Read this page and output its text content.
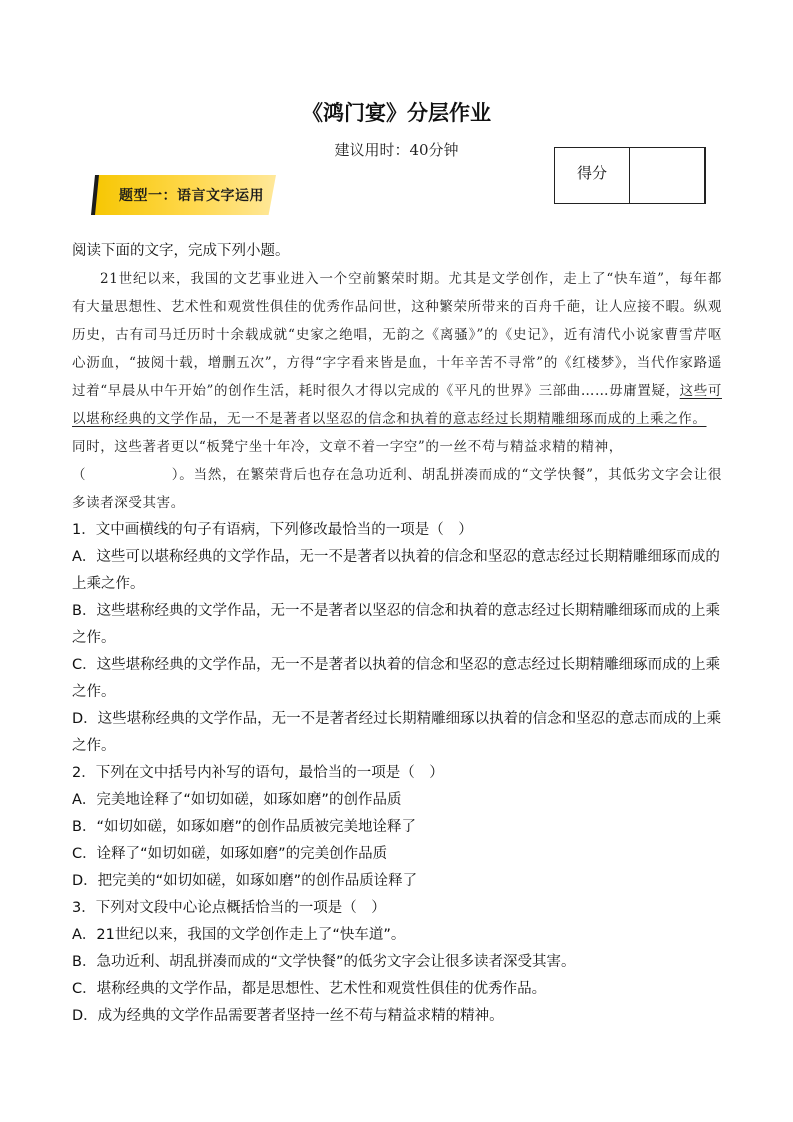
《鸿门宴》分层作业
建议用时：40分钟
得分
题型一：语言文字运用

阅读下面的文字，完成下列小题。

21世纪以来，我国的文艺事业进入一个空前繁荣时期。尤其是文学创作，走上了“快车道”，每年都有大量思想性、艺术性和观赏性俱佳的优秀作品问世，这种繁荣所带来的百舟千葩，让人应接不暇。纵观历史，古有司马迁历时十余载成就“史家之绝唱，无韵之《离骚》”的《史记》，近有清代小说家曹雪芹呕心沥血，“披阅十载，增删五次”，方得“字字看来皆是血，十年辛苦不寻常”的《红楼梦》，当代作家路遥过着“早晨从中午开始”的创作生活，耗时很久才得以完成的《平凡的世界》三部曲……毋庸置疑，这些可以堪称经典的文学作品，无一不是著者以坚忍的信念和执着的意志经过长期精雕细琢而成的上乘之作。

同时，这些著者更以“板凳宁坐十年冷，文章不着一字空”的一丝不苟与精益求精的精神，

（　　　　　　）。当然，在繁荣背后也存在急功近利、胡乱拼凑而成的“文学快餐”，其低劣文字会让很多读者深受其害。

1．文中画横线的句子有语病，下列修改最恰当的一项是（　）

A．这些可以堪称经典的文学作品，无一不是著者以执着的信念和坚忍的意志经过长期精雕细琢而成的上乘之作。

B．这些堪称经典的文学作品，无一不是著者以坚忍的信念和执着的意志经过长期精雕细琢而成的上乘之作。

C．这些堪称经典的文学作品，无一不是著者以执着的信念和坚忍的意志经过长期精雕细琢而成的上乘之作。

D．这些堪称经典的文学作品，无一不是著者经过长期精雕细琢以执着的信念和坚忍的意志而成的上乘之作。

2．下列在文中括号内补写的语句，最恰当的一项是（　）

A．完美地诠释了“如切如磋，如琢如磨”的创作品质

B．“如切如磋，如琢如磨”的创作品质被完美地诠释了

C．诠释了“如切如磋，如琢如磨”的完美创作品质

D．把完美的“如切如磋，如琢如磨”的创作品质诠释了

3．下列对文段中心论点概括恰当的一项是（　）

A．21世纪以来，我国的文学创作走上了“快车道”。

B．急功近利、胡乱拼凑而成的“文学快餐”的低劣文字会让很多读者深受其害。

C．堪称经典的文学作品，都是思想性、艺术性和观赏性俱佳的优秀作品。

D．成为经典的文学作品需要著者坚持一丝不苟与精益求精的精神。
